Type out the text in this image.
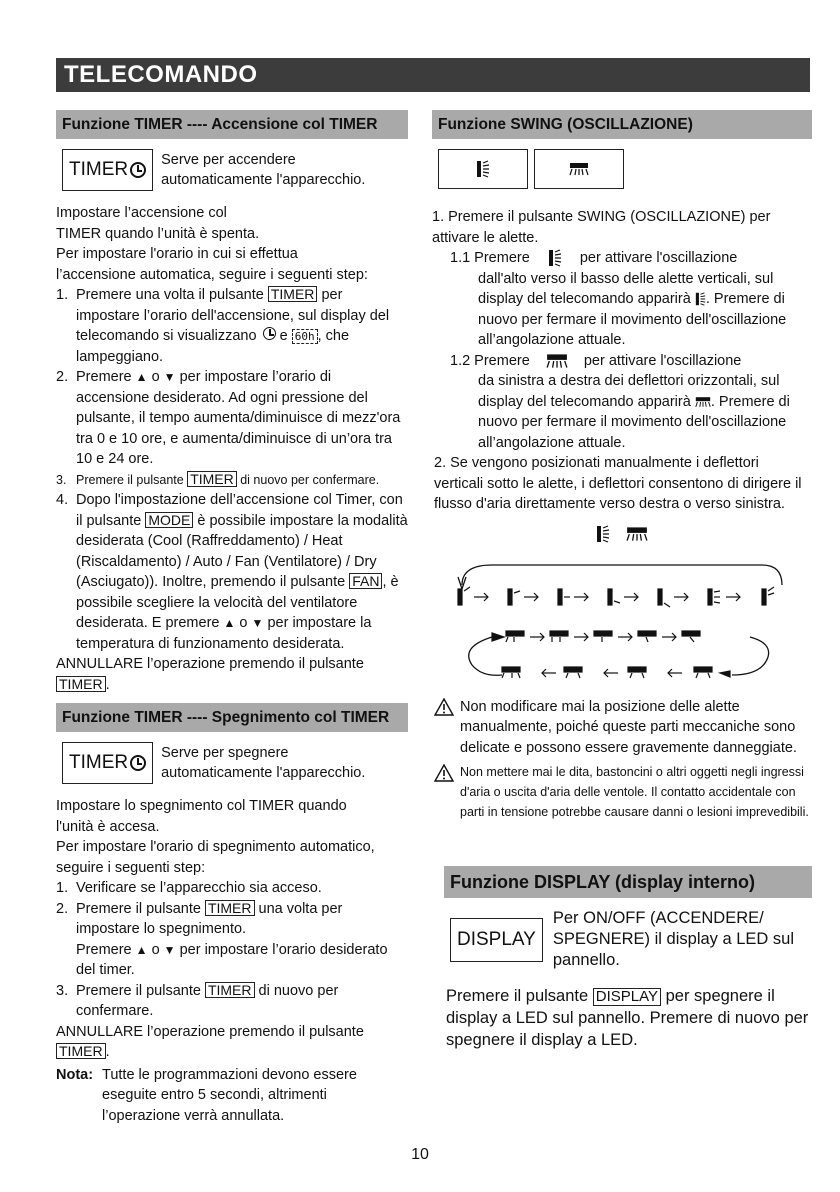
TELECOMANDO
Funzione TIMER ---- Accensione col TIMER
TIMER Serve per accendere automaticamente l'apparecchio.

Impostare l’accensione col

TIMER quando l’unità è spenta.

Per impostare l'orario in cui si effettua

l’accensione automatica, seguire i seguenti step:

1. Premere una volta il pulsante TIMER per impostare l’orario dell'accensione, sul display del telecomando si visualizzano e 60h , che lampeggiano.
2. Premere ▲ o ▼ per impostare l’orario di accensione desiderato. Ad ogni pressione del pulsante, il tempo aumenta/diminuisce di mezz'ora tra 0 e 10 ore, e aumenta/diminuisce di un’ora tra 10 e 24 ore.
3. Premere il pulsante TIMER di nuovo per confermare.
4. Dopo l'impostazione dell’accensione col Timer, con il pulsante MODE è possibile impostare la modalità desiderata (Cool (Raffreddamento) / Heat (Riscaldamento) / Auto / Fan (Ventilatore) / Dry (Asciugato)). Inoltre, premendo il pulsante FAN , è possibile scegliere la velocità del ventilatore desiderata. E premere ▲ o ▼ per impostare la temperatura di funzionamento desiderata.

ANNULLARE l’operazione premendo il pulsante TIMER .

Funzione TIMER ---- Spegnimento col TIMER
TIMER Serve per spegnere automaticamente l'apparecchio.

Impostare lo spegnimento col TIMER quando

l'unità è accesa.

Per impostare l'orario di spegnimento automatico,

seguire i seguenti step:

1. Verificare se l’apparecchio sia acceso.
2. Premere il pulsante TIMER una volta per impostare lo spegnimento.
Premere ▲ o ▼ per impostare l’orario desiderato del timer.
3. Premere il pulsante TIMER di nuovo per confermare.

ANNULLARE l’operazione premendo il pulsante TIMER .

Nota: Tutte le programmazioni devono essere eseguite entro 5 secondi, altrimenti l’operazione verrà annullata.
Funzione SWING (OSCILLAZIONE)

1. Premere il pulsante SWING (OSCILLAZIONE) per attivare le alette.

1.1 Premere	per attivare l'oscillazione

dall'alto verso il basso delle alette verticali, sul display del telecomando apparirà . Premere di nuovo per fermare il movimento dell'oscillazione all’angolazione attuale.

1.2 Premere	per attivare l'oscillazione

da sinistra a destra dei deflettori orizzontali, sul display del telecomando apparirà . Premere di nuovo per fermare il movimento dell'oscillazione all’angolazione attuale.

2. Se vengono posizionati manualmente i deflettori verticali sotto le alette, i deflettori consentono di dirigere il flusso d'aria direttamente verso destra o verso sinistra.

Non modificare mai la posizione delle alette manualmente, poiché queste parti meccaniche sono delicate e possono essere gravemente danneggiate.
Non mettere mai le dita, bastoncini o altri oggetti negli ingressi d'aria o uscita d'aria delle ventole. Il contatto accidentale con parti in tensione potrebbe causare danni o lesioni imprevedibili.
Funzione DISPLAY (display interno)
DISPLAY
Per ON/OFF (ACCENDERE/ SPEGNERE) il display a LED sul pannello.

Premere il pulsante DISPLAY per spegnere il display a LED sul pannello. Premere di nuovo per spegnere il display a LED.

10
